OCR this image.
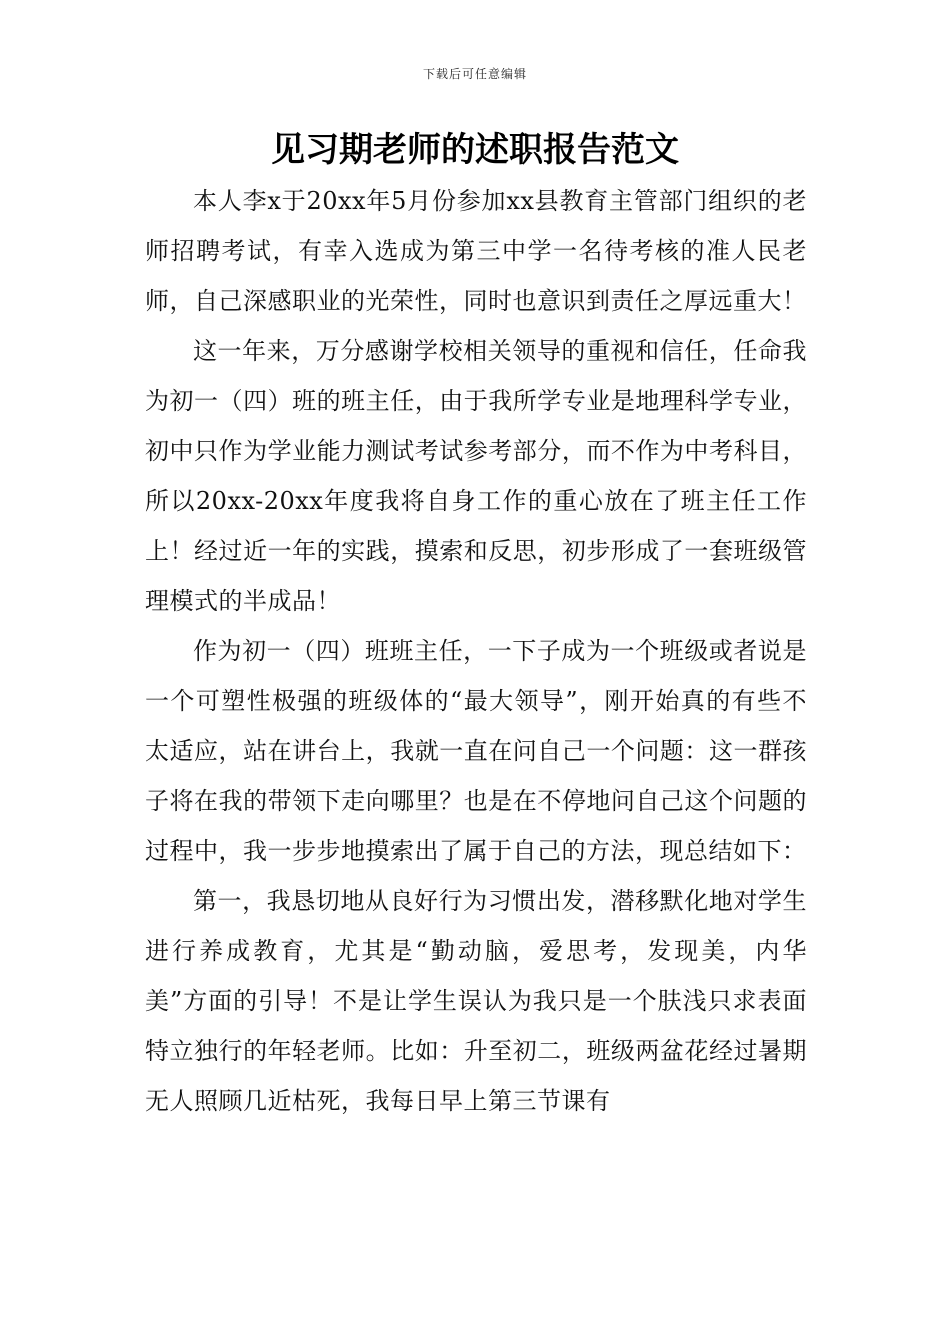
下载后可任意编辑
见习期老师的述职报告范文

本人李x于20xx年5月份参加xx县教育主管部门组织的老师招聘考试，有幸入选成为第三中学一名待考核的准人民老师，自己深感职业的光荣性，同时也意识到责任之厚远重大！

这一年来，万分感谢学校相关领导的重视和信任，任命我为初一（四）班的班主任，由于我所学专业是地理科学专业，初中只作为学业能力测试考试参考部分，而不作为中考科目，所以20xx-20xx年度我将自身工作的重心放在了班主任工作上！经过近一年的实践，摸索和反思，初步形成了一套班级管理模式的半成品！

作为初一（四）班班主任，一下子成为一个班级或者说是一个可塑性极强的班级体的“最大领导”，刚开始真的有些不太适应，站在讲台上，我就一直在问自己一个问题：这一群孩子将在我的带领下走向哪里？也是在不停地问自己这个问题的过程中，我一步步地摸索出了属于自己的方法，现总结如下：

第一，我恳切地从良好行为习惯出发，潜移默化地对学生进行养成教育，尤其是“勤动脑，爱思考，发现美，内华美”方面的引导！不是让学生误认为我只是一个肤浅只求表面特立独行的年轻老师。比如：升至初二，班级两盆花经过暑期无人照顾几近枯死，我每日早上第三节课有
